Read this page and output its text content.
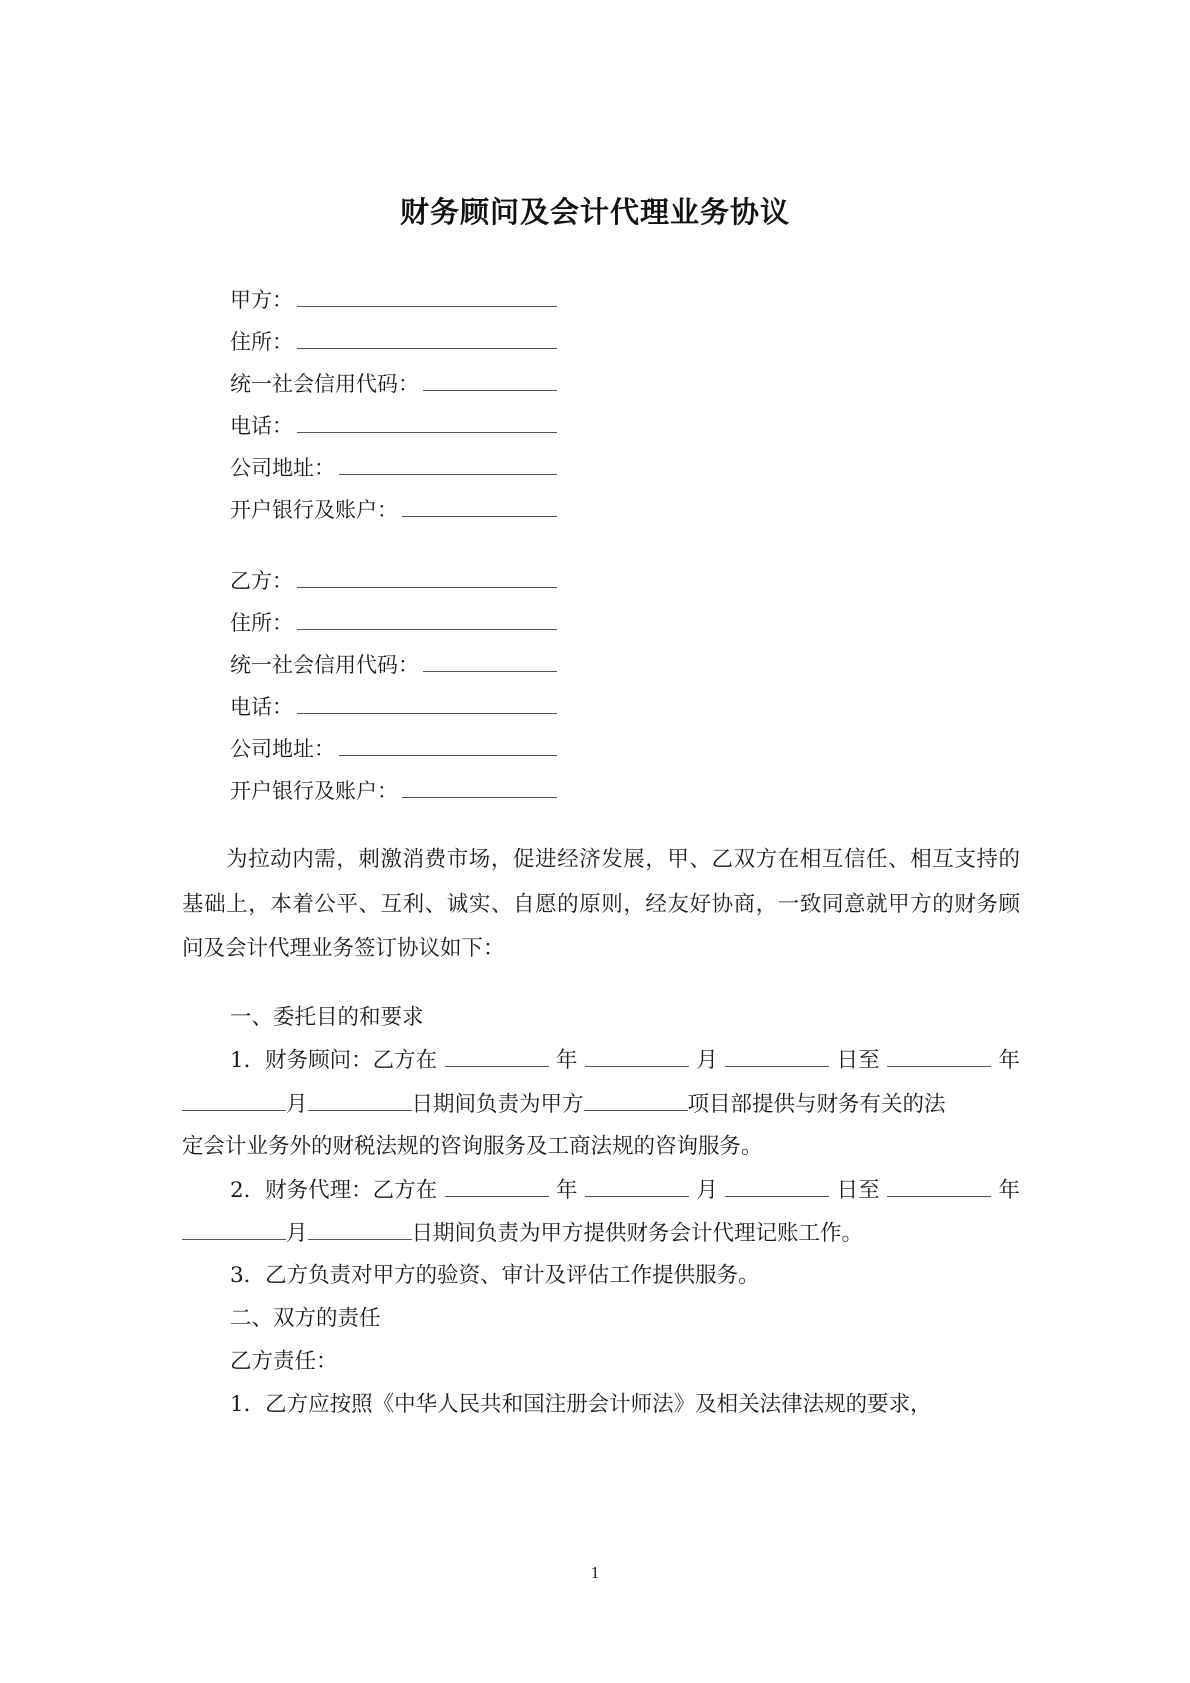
财务顾问及会计代理业务协议
甲方：
住所：
统一社会信用代码：
电话：
公司地址：
开户银行及账户：
乙方：
住所：
统一社会信用代码：
电话：
公司地址：
开户银行及账户：
为拉动内需，刺激消费市场，促进经济发展，甲、乙双方在相互信任、相互支持的基础上，本着公平、互利、诚实、自愿的原则，经友好协商，一致同意就甲方的财务顾问及会计代理业务签订协议如下：
一、委托目的和要求
1．财务顾问：乙方在	年	月	日至	年
月	日期间负责为甲方	项目部提供与财务有关的法
定会计业务外的财税法规的咨询服务及工商法规的咨询服务。
2．财务代理：乙方在	年	月	日至	年
月	日期间负责为甲方提供财务会计代理记账工作。
3．乙方负责对甲方的验资、审计及评估工作提供服务。
二、双方的责任
乙方责任：
1．乙方应按照《中华人民共和国注册会计师法》及相关法律法规的要求，
1
